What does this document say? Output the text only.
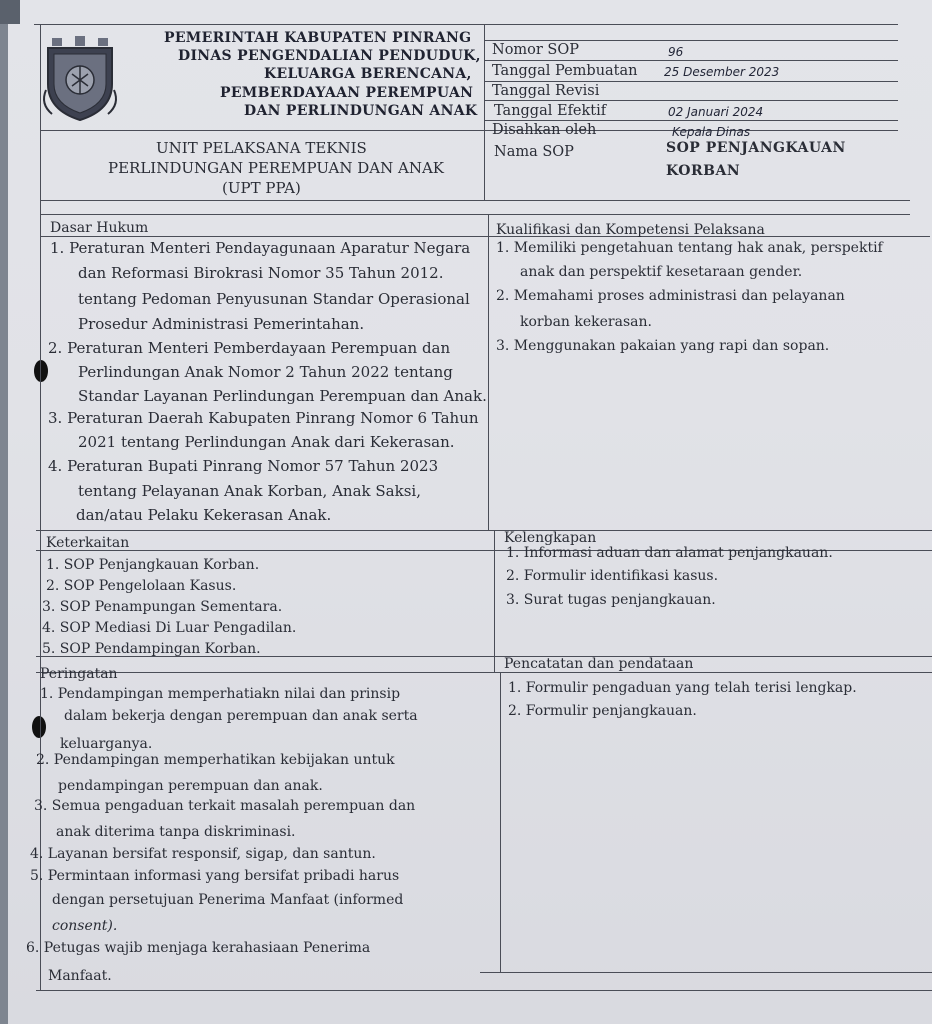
PEMERINTAH KABUPATEN PINRANG
DINAS PENGENDALIAN PENDUDUK,
KELUARGA BERENCANA,
PEMBERDAYAAN PEREMPUAN
DAN PERLINDUNGAN ANAK
UNIT PELAKSANA TEKNIS
PERLINDUNGAN PEREMPUAN DAN ANAK
(UPT PPA)
Nomor SOP	96
Tanggal Pembuatan 25 Desember 2023
Tanggal Revisi
Tanggal Efektif	02 Januari 2024
Disahkan oleh	Kepala Dinas
Nama SOP	SOP PENJANGKAUAN
KORBAN
Dasar Hukum
1. Peraturan Menteri Pendayagunaan Aparatur Negara
dan Reformasi Birokrasi Nomor 35 Tahun 2012.
tentang Pedoman Penyusunan Standar Operasional
Prosedur Administrasi Pemerintahan.
2. Peraturan Menteri Pemberdayaan Perempuan dan
Perlindungan Anak Nomor 2 Tahun 2022 tentang
Standar Layanan Perlindungan Perempuan dan Anak.
3. Peraturan Daerah Kabupaten Pinrang Nomor 6 Tahun
2021 tentang Perlindungan Anak dari Kekerasan.
4. Peraturan Bupati Pinrang Nomor 57 Tahun 2023
tentang Pelayanan Anak Korban, Anak Saksi,
dan/atau Pelaku Kekerasan Anak.
Kualifikasi dan Kompetensi Pelaksana
1. Memiliki pengetahuan tentang hak anak, perspektif
anak dan perspektif kesetaraan gender.
2. Memahami proses administrasi dan pelayanan
korban kekerasan.
3. Menggunakan pakaian yang rapi dan sopan.
Keterkaitan
1. SOP Penjangkauan Korban.
2. SOP Pengelolaan Kasus.
3. SOP Penampungan Sementara.
4. SOP Mediasi Di Luar Pengadilan.
5. SOP Pendampingan Korban.
Kelengkapan
1. Informasi aduan dan alamat penjangkauan.
2. Formulir identifikasi kasus.
3. Surat tugas penjangkauan.
Peringatan
1. Pendampingan memperhatiakn nilai dan prinsip
dalam bekerja dengan perempuan dan anak serta
keluarganya.
2. Pendampingan memperhatikan kebijakan untuk
pendampingan perempuan dan anak.
3. Semua pengaduan terkait masalah perempuan dan
anak diterima tanpa diskriminasi.
4. Layanan bersifat responsif, sigap, dan santun.
5. Permintaan informasi yang bersifat pribadi harus
dengan persetujuan Penerima Manfaat (informed
consent).
6. Petugas wajib menjaga kerahasiaan Penerima
Manfaat.
Pencatatan dan pendataan
1. Formulir pengaduan yang telah terisi lengkap.
2. Formulir penjangkauan.
